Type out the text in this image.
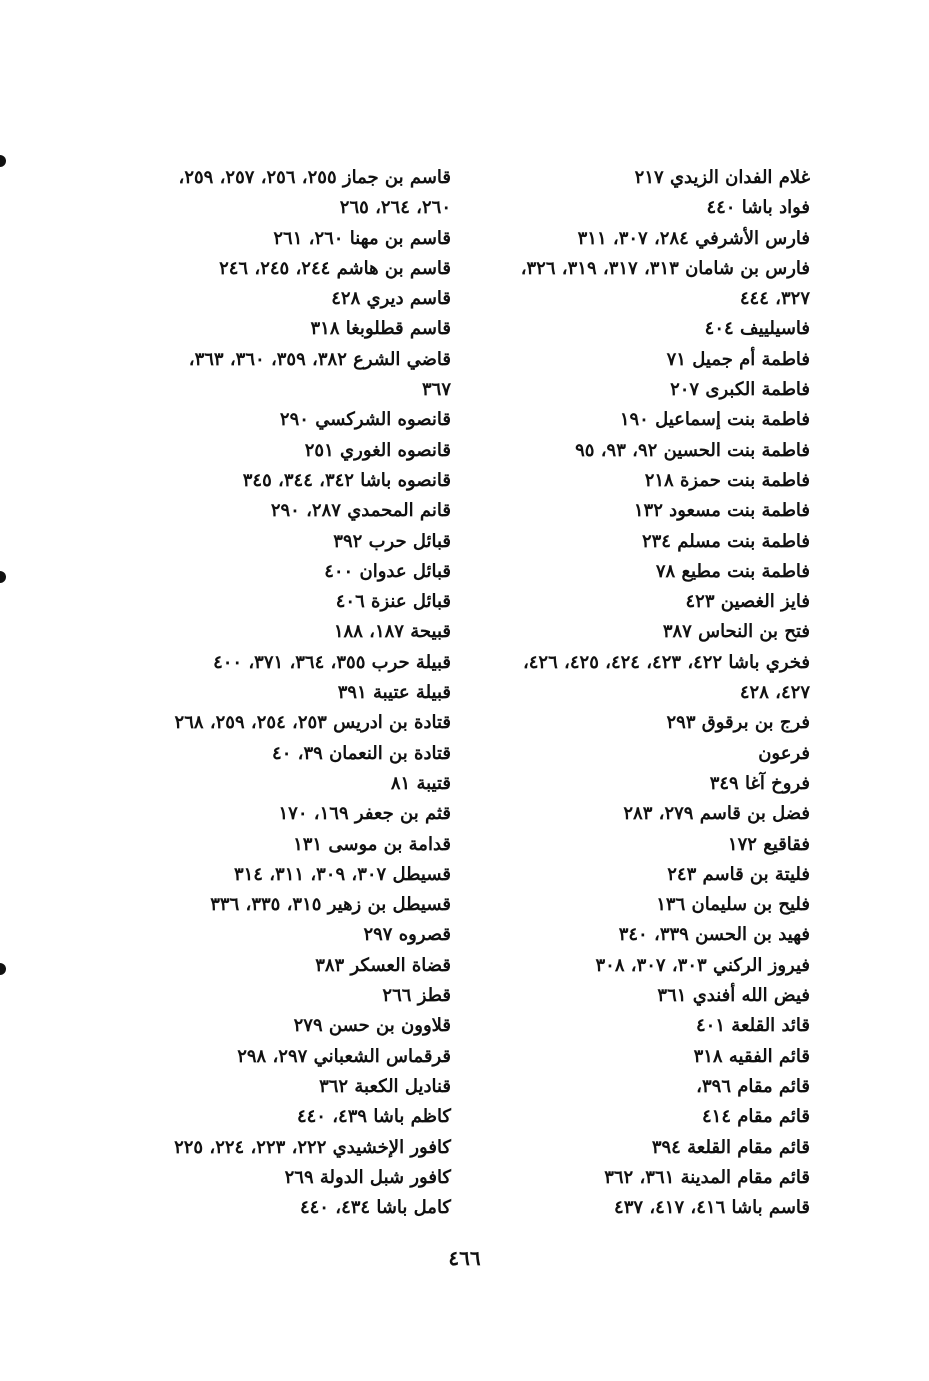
غلام الفدان الزيدي ٢١٧
فواد باشا ٤٤٠
فارس الأشرفي ٢٨٤، ٣٠٧، ٣١١
فارس بن شامان ٣١٣، ٣١٧، ٣١٩، ٣٢٦،
٣٢٧، ٤٤٤
فاسيلييف ٤٠٤
فاطمة أم جميل ٧١
فاطمة الكبرى ٢٠٧
فاطمة بنت إسماعيل ١٩٠
فاطمة بنت الحسين ٩٢، ٩٣، ٩٥
فاطمة بنت حمزة ٢١٨
فاطمة بنت مسعود ١٣٢
فاطمة بنت مسلم ٢٣٤
فاطمة بنت مطيع ٧٨
فايز الغصين ٤٢٣
فتح بن النحاس ٣٨٧
فخري باشا ٤٢٢، ٤٢٣، ٤٢٤، ٤٢٥، ٤٢٦،
٤٢٧، ٤٢٨
فرج بن برقوق ٢٩٣
فرعون
فروخ آغا ٣٤٩
فضل بن قاسم ٢٧٩، ٢٨٣
فقاقيع ١٧٢
فليتة بن قاسم ٢٤٣
فليح بن سليمان ١٣٦
فهيد بن الحسن ٣٣٩، ٣٤٠
فيروز الركني ٣٠٣، ٣٠٧، ٣٠٨
فيض الله أفندي ٣٦١
قائد القلعة ٤٠١
قائم الفقيه ٣١٨
قائم مقام ٣٩٦،
قائم مقام ٤١٤
قائم مقام القلعة ٣٩٤
قائم مقام المدينة ٣٦١، ٣٦٢
قاسم باشا ٤١٦، ٤١٧، ٤٣٧
قاسم بن جماز ٢٥٥، ٢٥٦، ٢٥٧، ٢٥٩،
٢٦٠، ٢٦٤، ٢٦٥
قاسم بن مهنا ٢٦٠، ٢٦١
قاسم بن هاشم ٢٤٤، ٢٤٥، ٢٤٦
قاسم ديري ٤٢٨
قاسم قطلوبغا ٣١٨
قاضي الشرع ٣٨٢، ٣٥٩، ٣٦٠، ٣٦٣،
٣٦٧
قانصوه الشركسي ٢٩٠
قانصوه الغوري ٢٥١
قانصوه باشا ٣٤٢، ٣٤٤، ٣٤٥
قانم المحمدي ٢٨٧، ٢٩٠
قبائل حرب ٣٩٢
قبائل عدوان ٤٠٠
قبائل عنزة ٤٠٦
قبيحة ١٨٧، ١٨٨
قبيلة حرب ٣٥٥، ٣٦٤، ٣٧١، ٤٠٠
قبيلة عتيبة ٣٩١
قتادة بن ادريس ٢٥٣، ٢٥٤، ٢٥٩، ٢٦٨
قتادة بن النعمان ٣٩، ٤٠
قتيبة ٨١
قثم بن جعفر ١٦٩، ١٧٠
قدامة بن موسى ١٣١
قسيطل ٣٠٧، ٣٠٩، ٣١١، ٣١٤
قسيطل بن زهير ٣١٥، ٣٣٥، ٣٣٦
قصروه ٢٩٧
قضاة العسكر ٣٨٣
قطز ٢٦٦
قلاوون بن حسن ٢٧٩
قرقماس الشعباني ٢٩٧، ٢٩٨
قناديل الكعبة ٣٦٢
كاظم باشا ٤٣٩، ٤٤٠
كافور الإخشيدي ٢٢٢، ٢٢٣، ٢٢٤، ٢٢٥
كافور شبل الدولة ٢٦٩
كامل باشا ٤٣٤، ٤٤٠
٤٦٦
